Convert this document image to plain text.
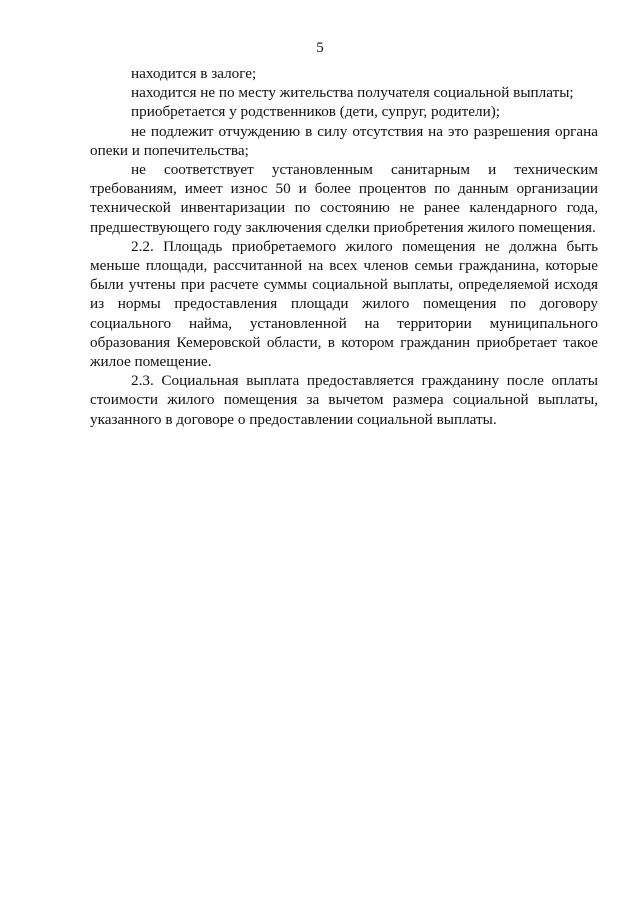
5

находится в залоге;

находится не по месту жительства получателя социальной выплаты;

приобретается у родственников (дети, супруг, родители);

не подлежит отчуждению в силу отсутствия на это разрешения органа опеки и попечительства;

не соответствует установленным санитарным и техническим требованиям, имеет износ 50 и более процентов по данным организации технической инвентаризации по состоянию не ранее календарного года, предшествующего году заключения сделки приобретения жилого помещения.

2.2. Площадь приобретаемого жилого помещения не должна быть меньше площади, рассчитанной на всех членов семьи гражданина, которые были учтены при расчете суммы социальной выплаты, определяемой исходя из нормы предоставления площади жилого помещения по договору социального найма, установленной на территории муниципального образования Кемеровской области, в котором гражданин приобретает такое жилое помещение.

2.3. Социальная выплата предоставляется гражданину после оплаты стоимости жилого помещения за вычетом размера социальной выплаты, указанного в договоре о предоставлении социальной выплаты.
